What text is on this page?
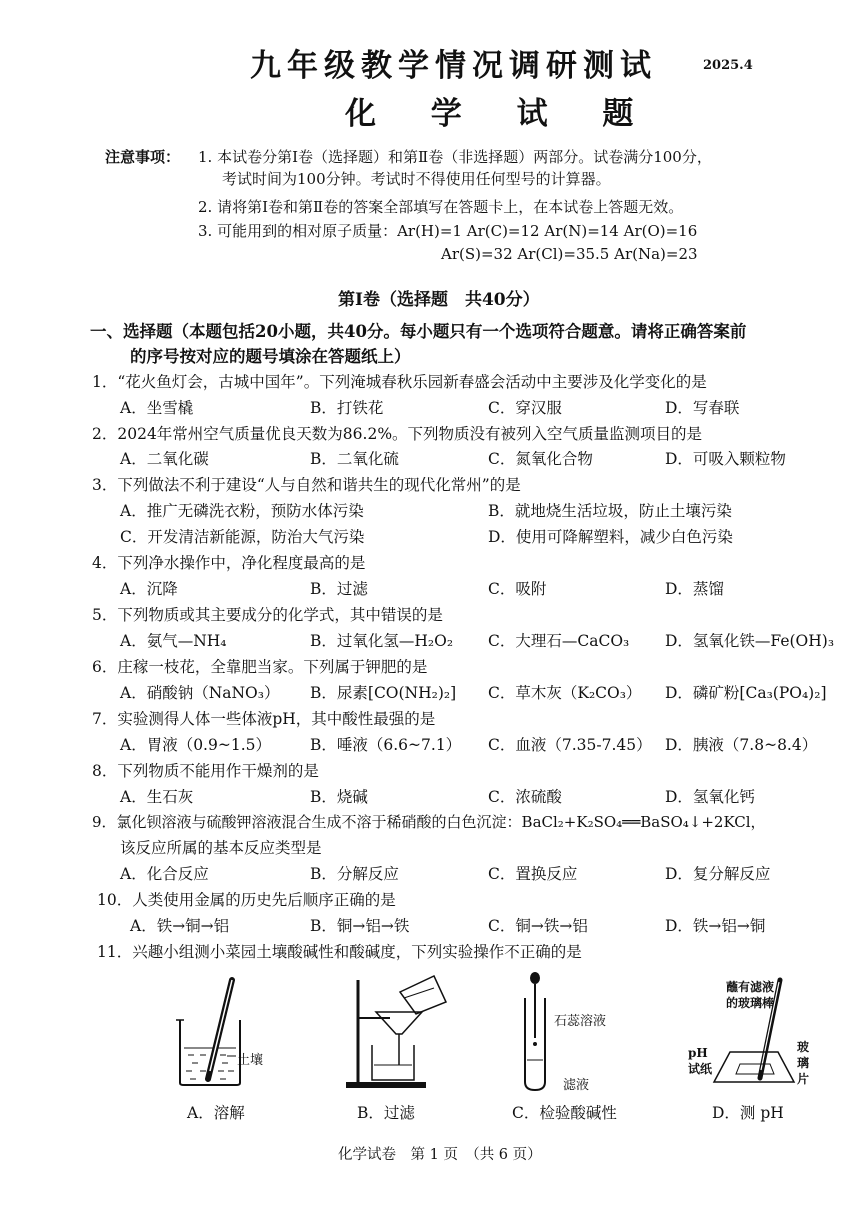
九年级教学情况调研测试	2025.4
化 学 试 题
注意事项： 1. 本试卷分第Ⅰ卷（选择题）和第Ⅱ卷（非选择题）两部分。试卷满分100分，
考试时间为100分钟。考试时不得使用任何型号的计算器。
2. 请将第Ⅰ卷和第Ⅱ卷的答案全部填写在答题卡上，在本试卷上答题无效。
3. 可能用到的相对原子质量：Ar(H)=1 Ar(C)=12 Ar(N)=14 Ar(O)=16
Ar(S)=32 Ar(Cl)=35.5 Ar(Na)=23
第Ⅰ卷（选择题　共40分）
一、选择题（本题包括20小题，共40分。每小题只有一个选项符合题意。请将正确答案前
的序号按对应的题号填涂在答题纸上）
1．“花火鱼灯会，古城中国年”。下列淹城春秋乐园新春盛会活动中主要涉及化学变化的是
A．坐雪橇	B．打铁花	C．穿汉服	D．写春联
2．2024年常州空气质量优良天数为86.2%。下列物质没有被列入空气质量监测项目的是
A．二氧化碳	B．二氧化硫	C．氮氧化合物	D．可吸入颗粒物
3．下列做法不利于建设“人与自然和谐共生的现代化常州”的是
A．推广无磷洗衣粉，预防水体污染	B．就地烧生活垃圾，防止土壤污染
C．开发清洁新能源，防治大气污染	D．使用可降解塑料，减少白色污染
4．下列净水操作中，净化程度最高的是
A．沉降	B．过滤	C．吸附	D．蒸馏
5．下列物质或其主要成分的化学式，其中错误的是
A．氨气—NH₄	B．过氧化氢—H₂O₂ C．大理石—CaCO₃ D．氢氧化铁—Fe(OH)₃
6．庄稼一枝花，全靠肥当家。下列属于钾肥的是
A．硝酸钠（NaNO₃） B．尿素[CO(NH₂)₂] C．草木灰（K₂CO₃） D．磷矿粉[Ca₃(PO₄)₂]
7．实验测得人体一些体液pH，其中酸性最强的是
A．胃液（0.9~1.5）	B．唾液（6.6~7.1） C．血液（7.35-7.45） D．胰液（7.8~8.4）
8．下列物质不能用作干燥剂的是
A．生石灰	B．烧碱	C．浓硫酸	D．氢氧化钙
9．氯化钡溶液与硫酸钾溶液混合生成不溶于稀硝酸的白色沉淀：BaCl₂+K₂SO₄══BaSO₄↓+2KCl，
该反应所属的基本反应类型是
A．化合反应	B．分解反应	C．置换反应	D．复分解反应
10．人类使用金属的历史先后顺序正确的是
A．铁→铜→铝	B．铜→铝→铁	C．铜→铁→铝	D．铁→铝→铜
11．兴趣小组测小菜园土壤酸碱性和酸碱度，下列实验操作不正确的是
土壤
石蕊溶液
滤液
蘸有滤液
的玻璃棒
pH
试纸
玻
璃
片
A．溶解	B．过滤	C．检验酸碱性	D．测 pH
化学试卷　第 1 页　（共 6 页）
